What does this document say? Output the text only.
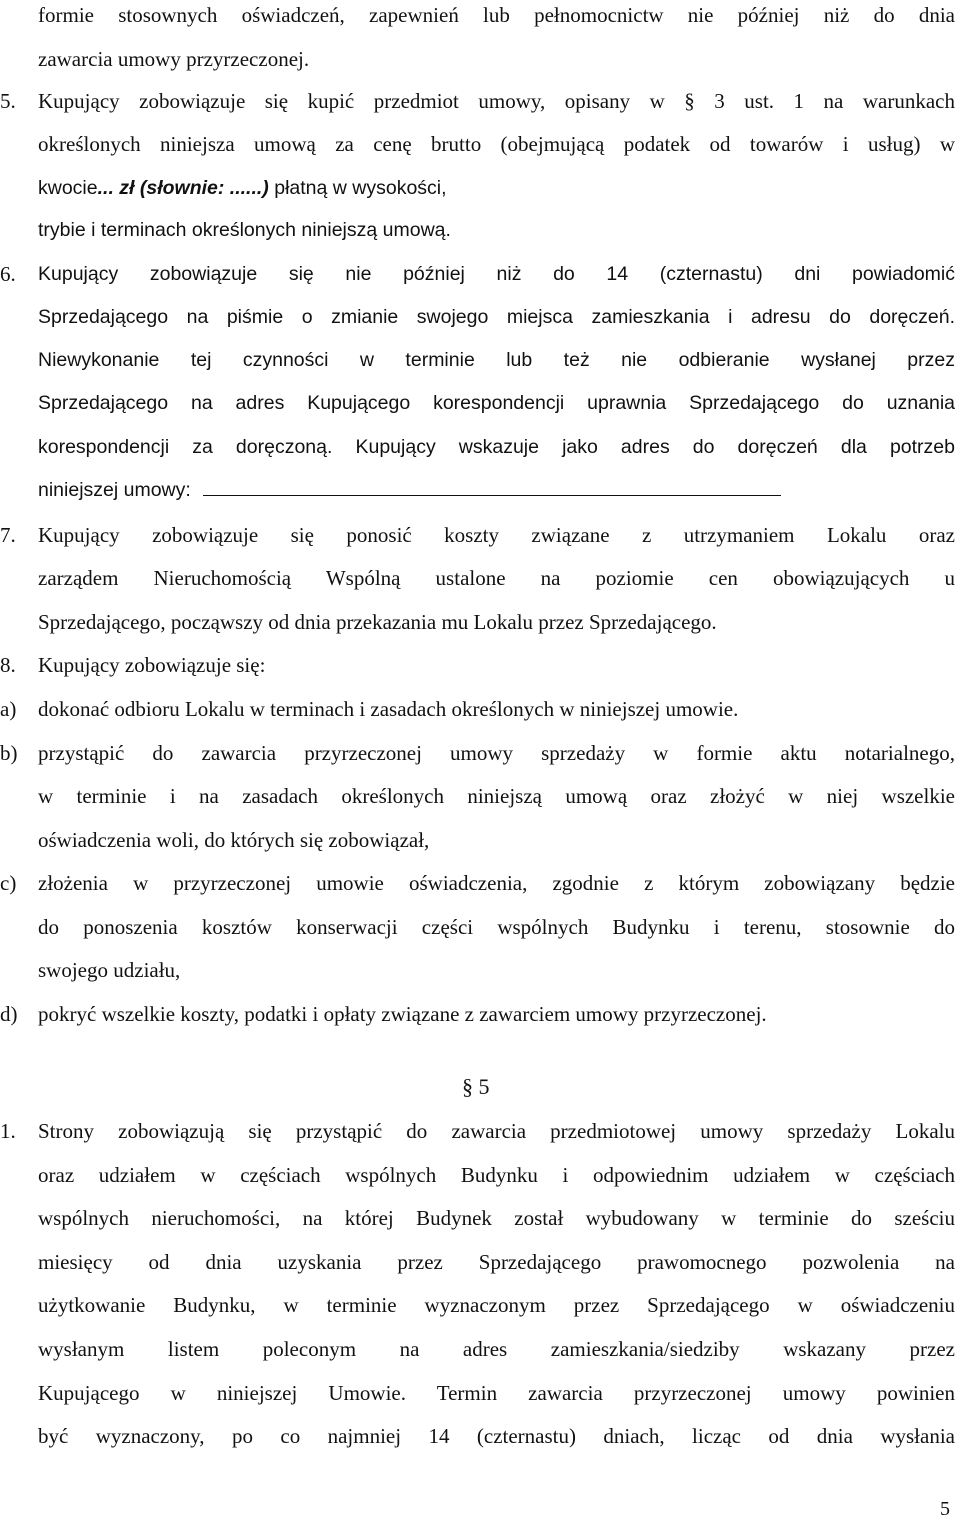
formie stosownych oświadczeń, zapewnień lub pełnomocnictw nie później niż do dnia
zawarcia umowy przyrzeczonej.
5. Kupujący zobowiązuje się kupić przedmiot umowy, opisany w § 3 ust. 1 na warunkach
określonych niniejsza umową za cenę brutto (obejmującą podatek od towarów i usług) w
kwocie... zł (słownie: ......) płatną w wysokości,
trybie i terminach określonych niniejszą umową.
6. Kupujący zobowiązuje się nie później niż do 14 (czternastu) dni powiadomić
Sprzedającego na piśmie o zmianie swojego miejsca zamieszkania i adresu do doręczeń.
Niewykonanie tej czynności w terminie lub też nie odbieranie wysłanej przez
Sprzedającego na adres Kupującego korespondencji uprawnia Sprzedającego do uznania
korespondencji za doręczoną. Kupujący wskazuje jako adres do doręczeń dla potrzeb
niniejszej umowy:
7. Kupujący zobowiązuje się ponosić koszty związane z utrzymaniem Lokalu oraz
zarządem Nieruchomością Wspólną ustalone na poziomie cen obowiązujących u
Sprzedającego, począwszy od dnia przekazania mu Lokalu przez Sprzedającego.
8. Kupujący zobowiązuje się:
a) dokonać odbioru Lokalu w terminach i zasadach określonych w niniejszej umowie.
b) przystąpić do zawarcia przyrzeczonej umowy sprzedaży w formie aktu notarialnego,
w terminie i na zasadach określonych niniejszą umową oraz złożyć w niej wszelkie
oświadczenia woli, do których się zobowiązał,
c) złożenia w przyrzeczonej umowie oświadczenia, zgodnie z którym zobowiązany będzie
do ponoszenia kosztów konserwacji części wspólnych Budynku i terenu, stosownie do
swojego udziału,
d) pokryć wszelkie koszty, podatki i opłaty związane z zawarciem umowy przyrzeczonej.
§ 5
1. Strony zobowiązują się przystąpić do zawarcia przedmiotowej umowy sprzedaży Lokalu
oraz udziałem w częściach wspólnych Budynku i odpowiednim udziałem w częściach
wspólnych nieruchomości, na której Budynek został wybudowany w terminie do sześciu
miesięcy od dnia uzyskania przez Sprzedającego prawomocnego pozwolenia na
użytkowanie Budynku, w terminie wyznaczonym przez Sprzedającego w oświadczeniu
wysłanym listem poleconym na adres zamieszkania/siedziby wskazany przez
Kupującego w niniejszej Umowie. Termin zawarcia przyrzeczonej umowy powinien
być wyznaczony, po co najmniej 14 (czternastu) dniach, licząc od dnia wysłania
5
